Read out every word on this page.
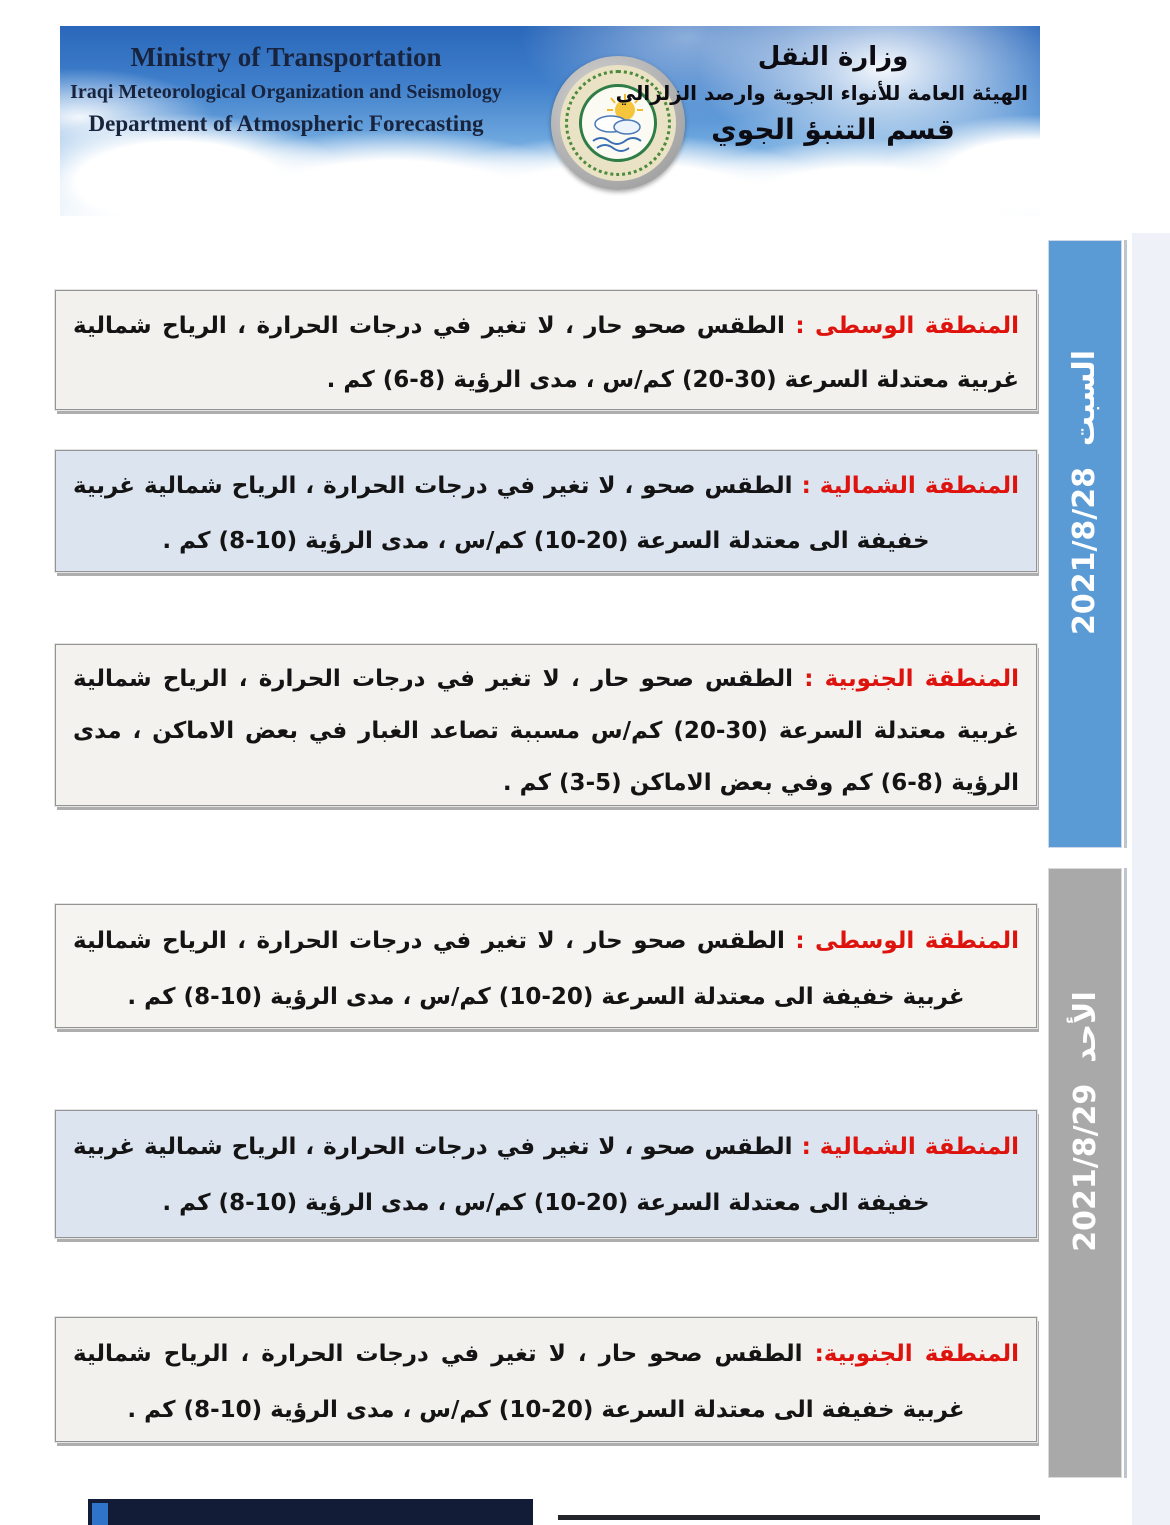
Ministry of Transportation
Iraqi Meteorological Organization and Seismology
Department of Atmospheric Forecasting
وزارة النقل
الهيئة العامة للأنواء الجوية وارصد الزلزالي
قسم التنبؤ الجوي

المنطقة الوسطى : الطقس صحو حار ، لا تغير في درجات الحرارة ، الرياح شمالية غربية معتدلة السرعة (30-20) كم/س ، مدى الرؤية (8-6) كم .

المنطقة الشمالية : الطقس صحو ، لا تغير في درجات الحرارة ، الرياح شمالية غربية خفيفة الى معتدلة السرعة (20-10) كم/س ، مدى الرؤية (10-8) كم .

المنطقة الجنوبية : الطقس صحو حار ، لا تغير في درجات الحرارة ، الرياح شمالية غربية معتدلة السرعة (30-20) كم/س مسببة تصاعد الغبار في بعض الاماكن ، مدى الرؤية (8-6) كم وفي بعض الاماكن (5-3) كم .

المنطقة الوسطى : الطقس صحو حار ، لا تغير في درجات الحرارة ، الرياح شمالية غربية خفيفة الى معتدلة السرعة (20-10) كم/س ، مدى الرؤية (10-8) كم .

المنطقة الشمالية : الطقس صحو ، لا تغير في درجات الحرارة ، الرياح شمالية غربية خفيفة الى معتدلة السرعة (20-10) كم/س ، مدى الرؤية (10-8) كم .

المنطقة الجنوبية: الطقس صحو حار ، لا تغير في درجات الحرارة ، الرياح شمالية غربية خفيفة الى معتدلة السرعة (20-10) كم/س ، مدى الرؤية (10-8) كم .

السبت  2021/8/28
الأحد  2021/8/29
